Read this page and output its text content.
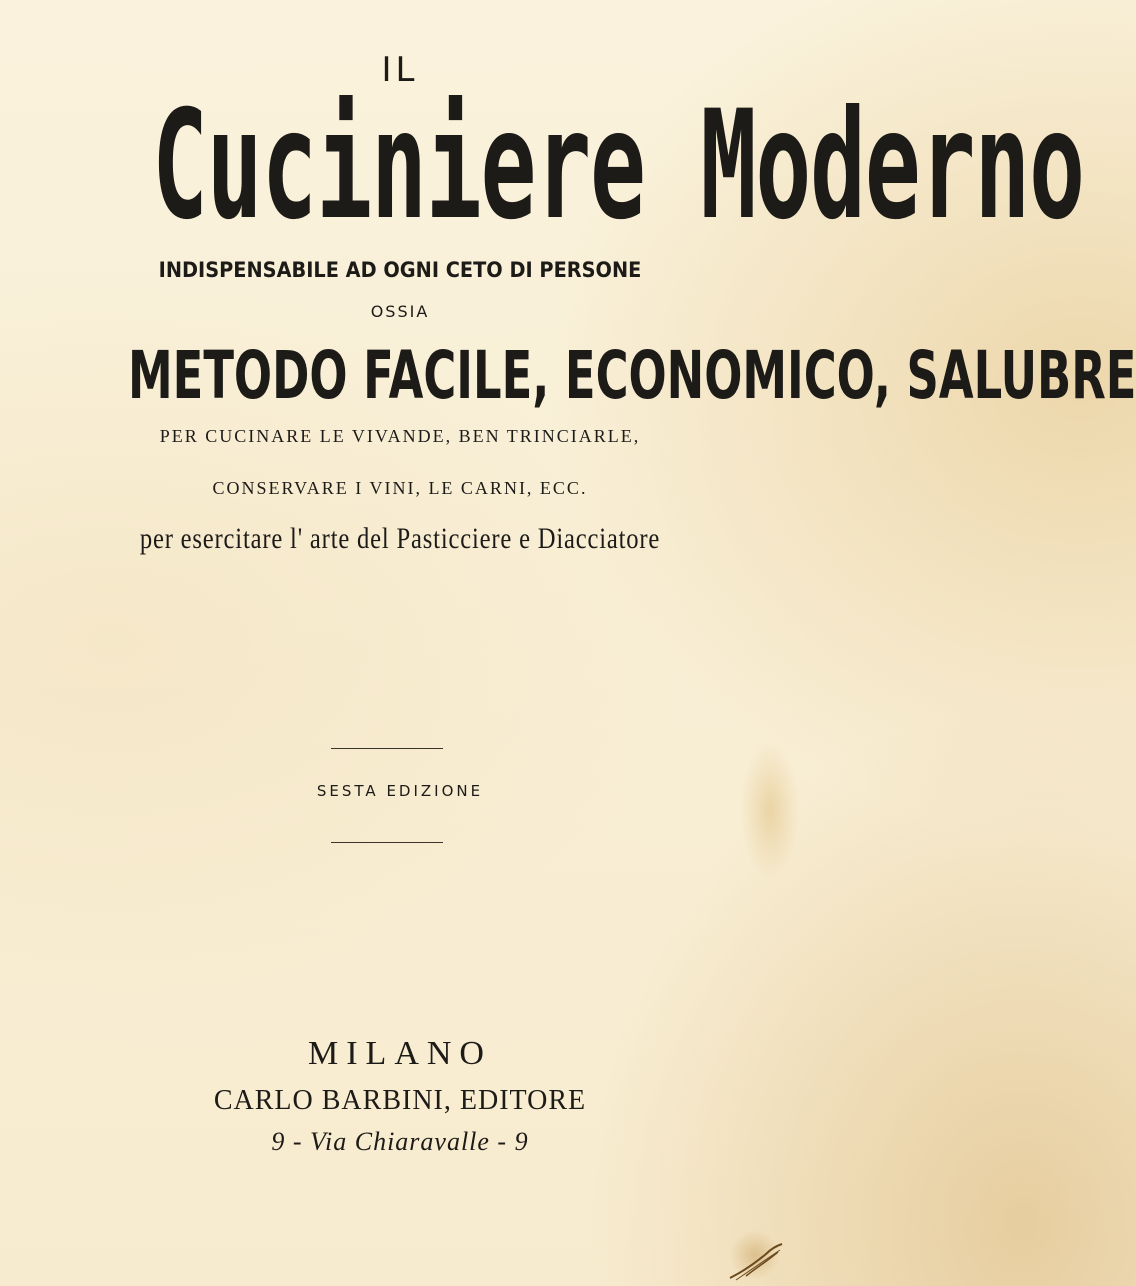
IL
Cuciniere Moderno
INDISPENSABILE AD OGNI CETO DI PERSONE
OSSIA
METODO FACILE, ECONOMICO, SALUBRE
PER CUCINARE LE VIVANDE, BEN TRINCIARLE,
CONSERVARE I VINI, LE CARNI, ECC.
per esercitare l' arte del Pasticciere e Diacciatore
SESTA EDIZIONE
MILANO
CARLO BARBINI, EDITORE
9 - Via Chiaravalle - 9
